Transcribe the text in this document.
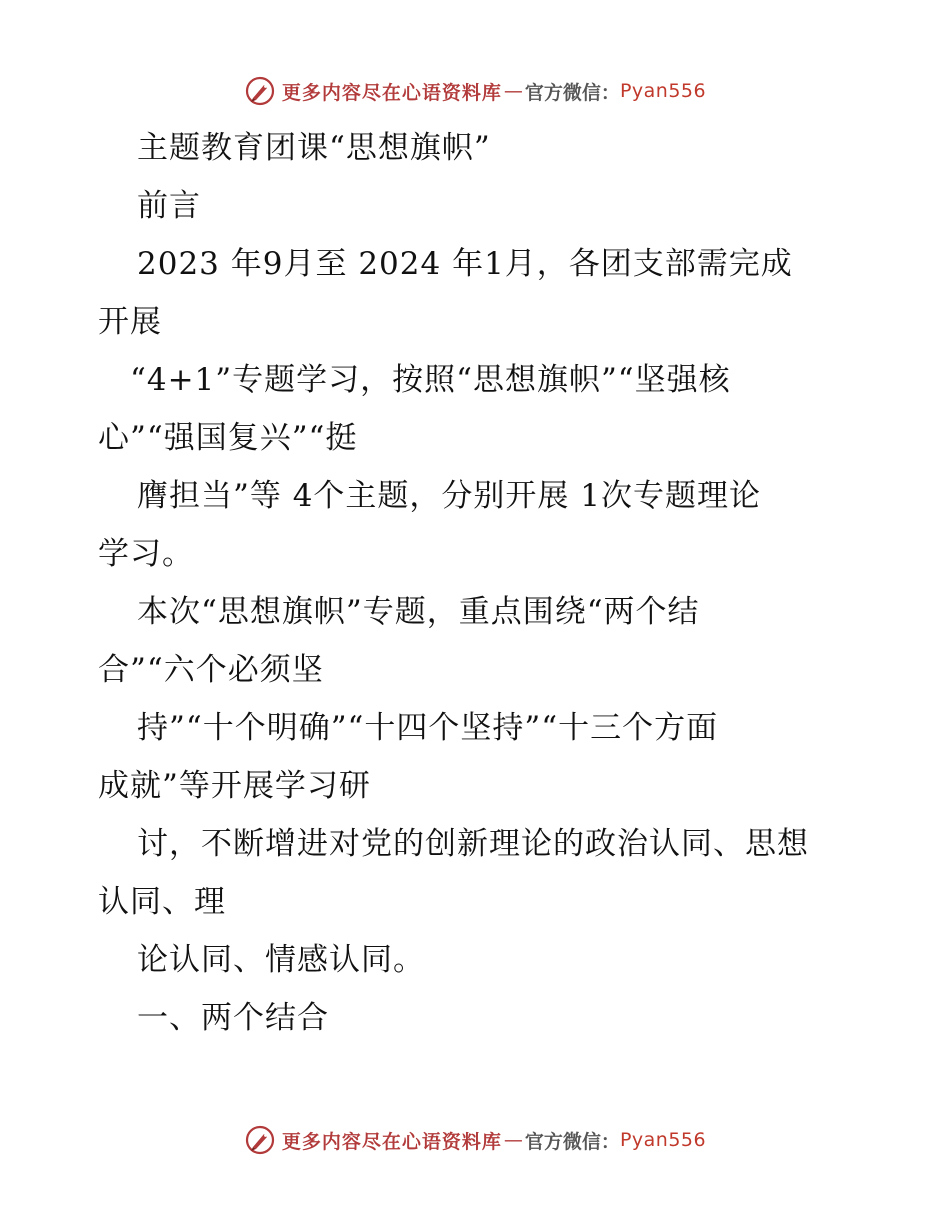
更多内容尽在心语资料库 — 官方微信： Pyan556
主题教育团课“思想旗帜”
前言
2023 年9月至 2024 年1月，各团支部需完成
开展
“4+1”专题学习，按照“思想旗帜”“坚强核
心”“强国复兴”“挺
膺担当”等 4个主题，分别开展 1次专题理论
学习。
本次“思想旗帜”专题，重点围绕“两个结
合”“六个必须坚
持”“十个明确”“十四个坚持”“十三个方面
成就”等开展学习研
讨，不断增进对党的创新理论的政治认同、思想
认同、理
论认同、情感认同。
一、两个结合
更多内容尽在心语资料库 — 官方微信： Pyan556
